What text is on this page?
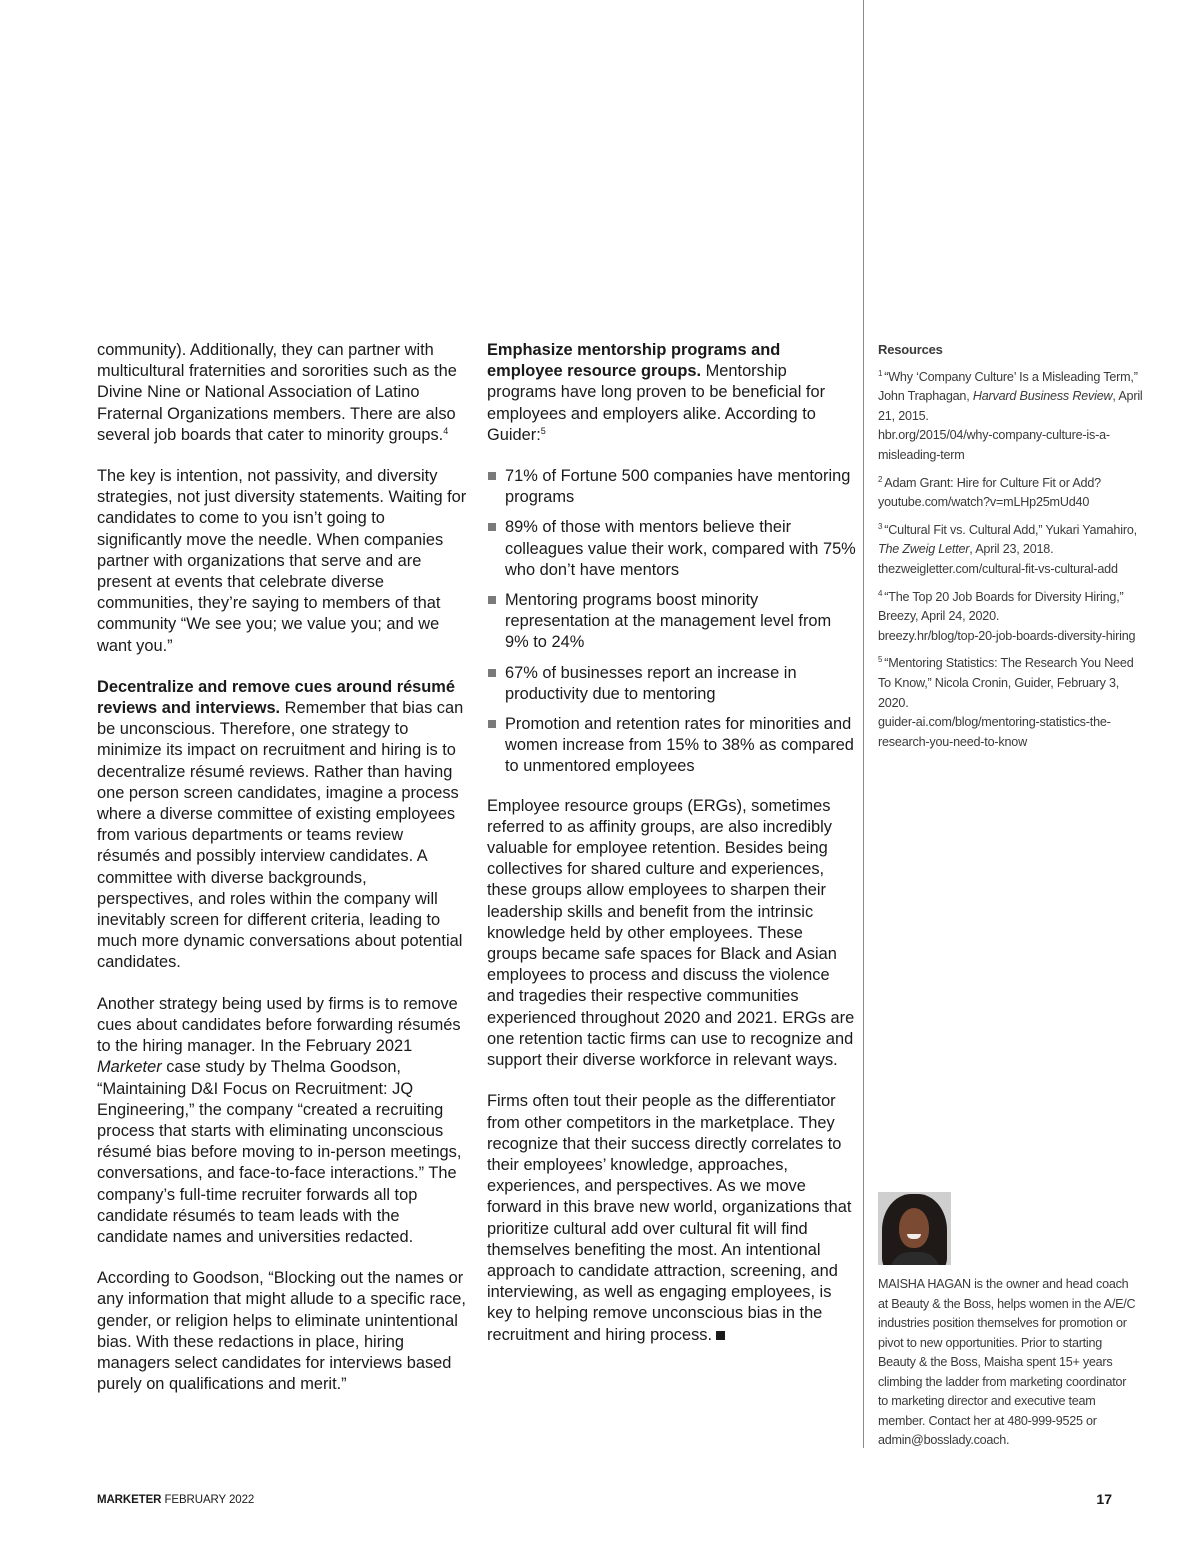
community). Additionally, they can partner with multicultural fraternities and sororities such as the Divine Nine or National Association of Latino Fraternal Organizations members. There are also several job boards that cater to minority groups.$^4$

The key is intention, not passivity, and diversity strategies, not just diversity statements. Waiting for candidates to come to you isn’t going to significantly move the needle. When companies partner with organizations that serve and are present at events that celebrate diverse communities, they’re saying to members of that community “We see you; we value you; and we want you.”

Decentralize and remove cues around résumé reviews and interviews. Remember that bias can be unconscious. Therefore, one strategy to minimize its impact on recruitment and hiring is to decentralize résumé reviews. Rather than having one person screen candidates, imagine a process where a diverse committee of existing employees from various departments or teams review résumés and possibly interview candidates. A committee with diverse backgrounds, perspectives, and roles within the company will inevitably screen for different criteria, leading to much more dynamic conversations about potential candidates.

Another strategy being used by firms is to remove cues about candidates before forwarding résumés to the hiring manager. In the February 2021 Marketer case study by Thelma Goodson, “Maintaining D&I Focus on Recruitment: JQ Engineering,” the company “created a recruiting process that starts with eliminating unconscious résumé bias before moving to in-person meetings, conversations, and face-to-face interactions.” The company’s full-time recruiter forwards all top candidate résumés to team leads with the candidate names and universities redacted.

According to Goodson, “Blocking out the names or any information that might allude to a specific race, gender, or religion helps to eliminate unintentional bias. With these redactions in place, hiring managers select candidates for interviews based purely on qualifications and merit.”

Emphasize mentorship programs and employee resource groups. Mentorship programs have long proven to be beneficial for employees and employers alike. According to Guider:$^5$

71% of Fortune 500 companies have mentoring programs
89% of those with mentors believe their colleagues value their work, compared with 75% who don’t have mentors
Mentoring programs boost minority representation at the management level from 9% to 24%
67% of businesses report an increase in productivity due to mentoring
Promotion and retention rates for minorities and women increase from 15% to 38% as compared to unmentored employees

Employee resource groups (ERGs), sometimes referred to as affinity groups, are also incredibly valuable for employee retention. Besides being collectives for shared culture and experiences, these groups allow employees to sharpen their leadership skills and benefit from the intrinsic knowledge held by other employees. These groups became safe spaces for Black and Asian employees to process and discuss the violence and tragedies their respective communities experienced throughout 2020 and 2021. ERGs are one retention tactic firms can use to recognize and support their diverse workforce in relevant ways.

Firms often tout their people as the differentiator from other competitors in the marketplace. They recognize that their success directly correlates to their employees’ knowledge, approaches, experiences, and perspectives. As we move forward in this brave new world, organizations that prioritize cultural add over cultural fit will find themselves benefiting the most. An intentional approach to candidate attraction, screening, and interviewing, as well as engaging employees, is key to helping remove unconscious bias in the recruitment and hiring process.

Resources
$^1$ “Why ‘Company Culture’ Is a Misleading Term,” John Traphagan, Harvard Business Review, April 21, 2015.
hbr.org/2015/04/why-company-culture-is-a-misleading-term
$^2$ Adam Grant: Hire for Culture Fit or Add?
youtube.com/watch?v=mLHp25mUd40
$^3$ “Cultural Fit vs. Cultural Add,” Yukari Yamahiro, The Zweig Letter, April 23, 2018.
thezweigletter.com/cultural-fit-vs-cultural-add
$^4$ “The Top 20 Job Boards for Diversity Hiring,” Breezy, April 24, 2020.
breezy.hr/blog/top-20-job-boards-diversity-hiring
$^5$ “Mentoring Statistics: The Research You Need To Know,” Nicola Cronin, Guider, February 3, 2020.
guider-ai.com/blog/mentoring-statistics-the-research-you-need-to-know
MAISHA HAGAN is the owner and head coach at Beauty & the Boss, helps women in the A/E/C industries position themselves for promotion or pivot to new opportunities. Prior to starting Beauty & the Boss, Maisha spent 15+ years climbing the ladder from marketing coordinator to marketing director and executive team member. Contact her at 480-999-9525 or admin@bosslady.coach.
MARKETER FEBRUARY 2022	17
